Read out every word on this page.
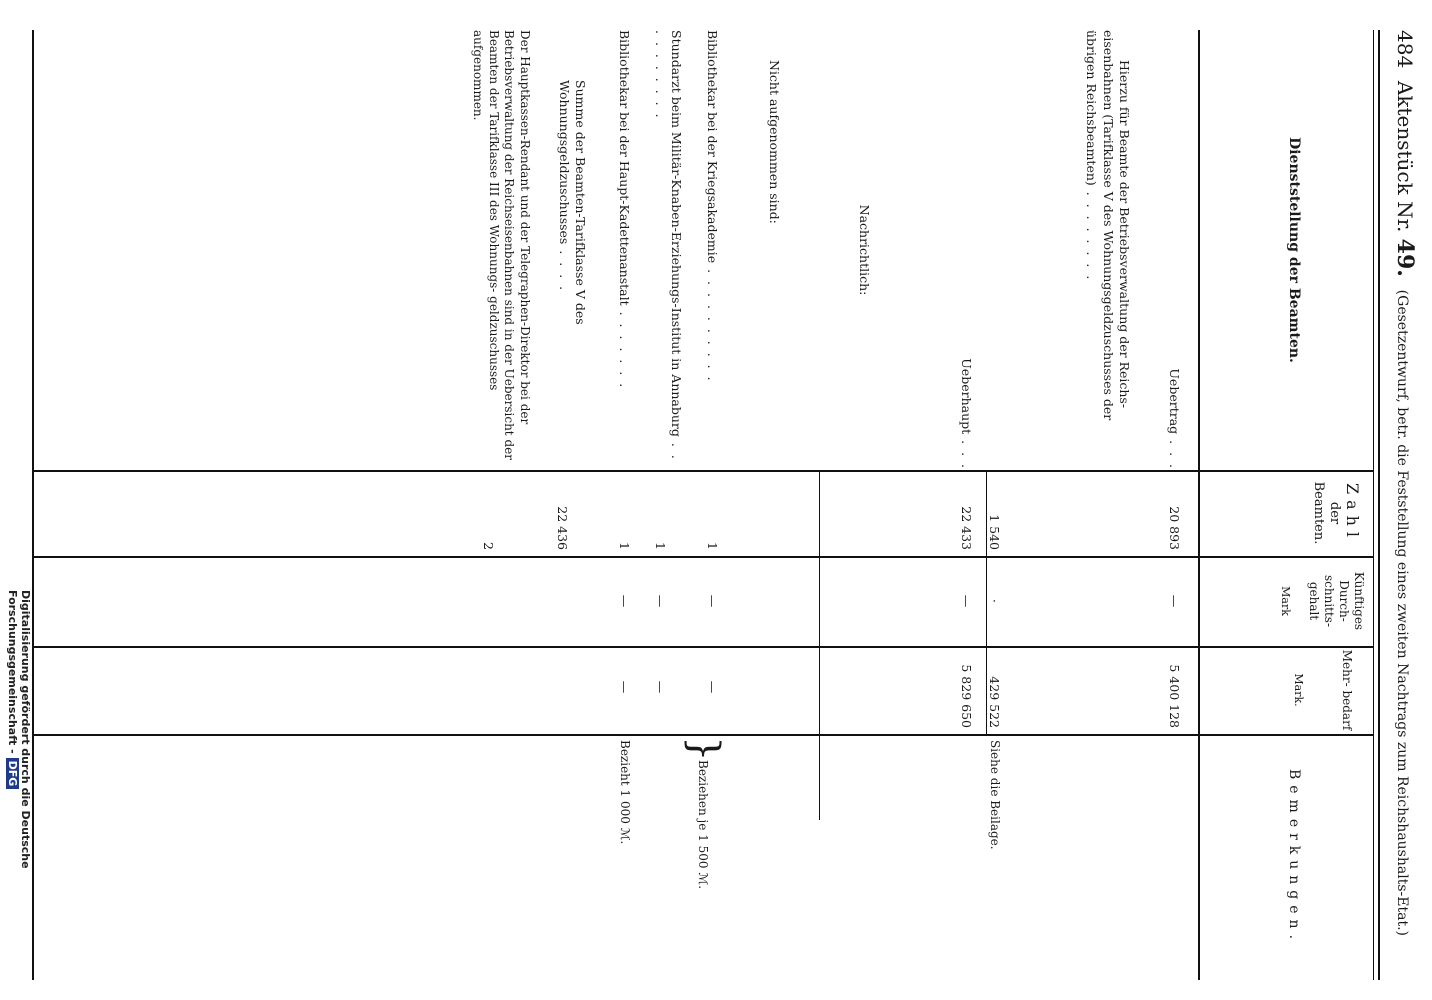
484  Aktenstück Nr. 49.  (Gesetzentwurf, betr. die Feststellung eines zweiten Nachtrags zum Reichshaushalts-Etat.)
Dienststellung der Beamten.
Zahl
der
Beamten.
Künftiges Durch- schnitts- gehalt
Mark
Mehr- bedarf
Mark.
Bemerkungen.
Uebertrag . . .
20 893
—
5 400 128
Hierzu für Beamte der Betriebsverwaltung der Reichs- eisenbahnen (Tarifklasse V des Wohnungsgeldzuschusses der übrigen Reichsbeamten) . . . . . . . .
1 540
·
429 522
Siehe die Beilage.
Ueberhaupt . . .
22 433
—
5 829 650
Nachrichtlich:
Nicht aufgenommen sind:
Bibliothekar bei der Kriegsakademie . . . . . . . . . .
1
—
—
}
Beziehen je 1 500 ℳ.
Stundarzt beim Militär-Knaben-Erziehungs-Institut in Annaburg . . . . . . . . . .
1
—
—
Bibliothekar bei der Haupt-Kadettenanstalt . . . . . . .
1
—
—
Bezieht 1 000 ℳ.
Summe der Beamten-Tarifklasse V des Wohnungsgeldzuschusses . . . .
22 436
Der Hauptkassen-Rendant und der Telegraphen-Direktor bei der Betriebsverwaltung der Reichseisenbahnen sind in der Uebersicht der Beamten der Tarifklasse III des Wohnungs- geldzuschusses aufgenommen.
2
Digitalisierung gefördert durch die Deutsche Forschungsgemeinschaft -DFG
